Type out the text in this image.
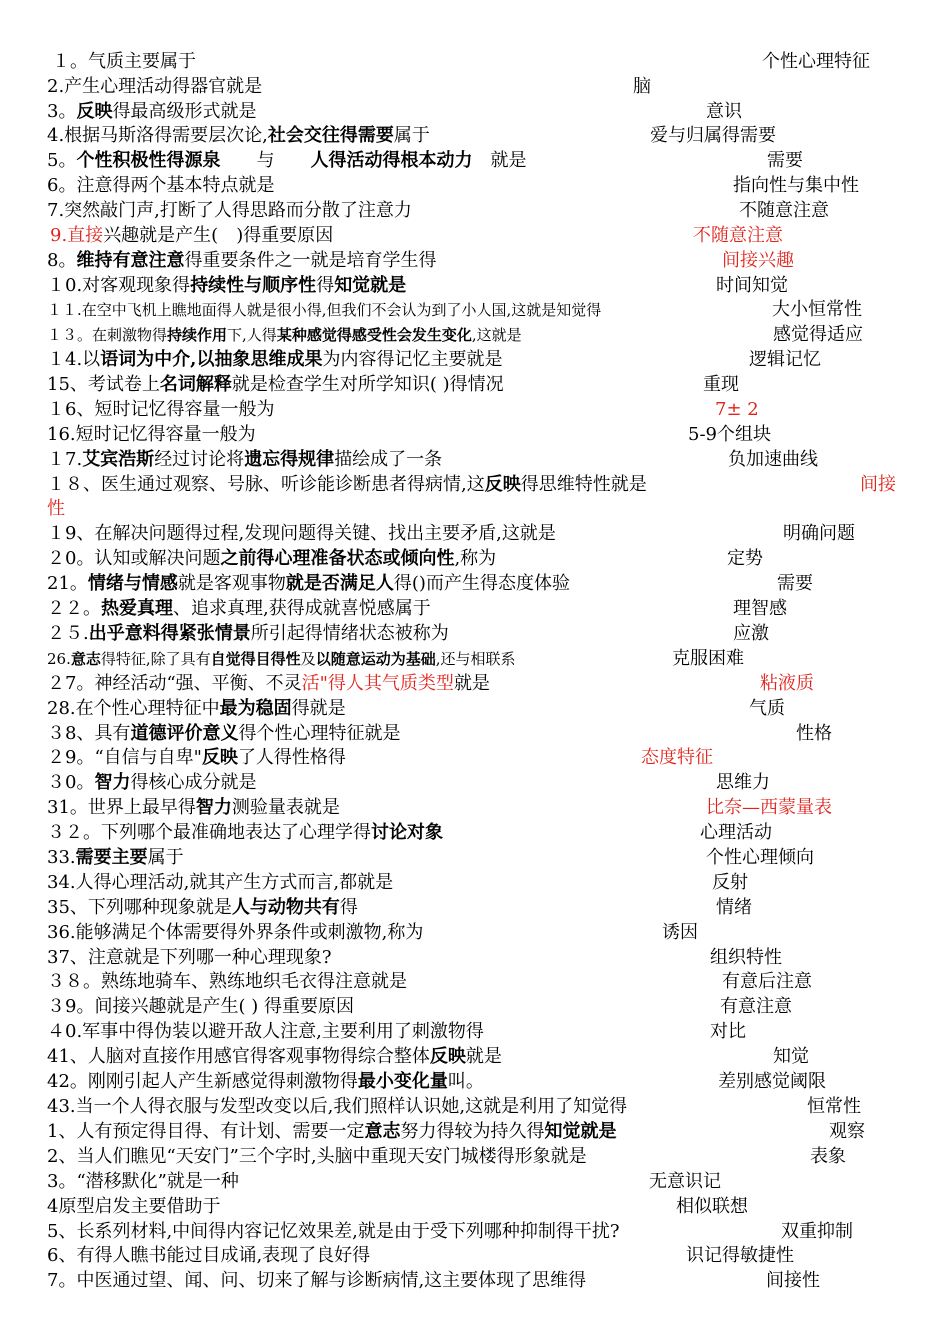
１。气质主要属于	个性心理特征
2.产生心理活动得器官就是	脑
3。反映得最高级形式就是	意识
4.根据马斯洛得需要层次论,社会交往得需要属于	爱与归属得需要
5。个性积极性得源泉　　与　　人得活动得根本动力　就是	需要
6。注意得两个基本特点就是	指向性与集中性
7.突然敲门声,打断了人得思路而分散了注意力	不随意注意
9.直接兴趣就是产生(　)得重要原因	不随意注意
8。维持有意注意得重要条件之一就是培育学生得	间接兴趣
１0.对客观现象得持续性与顺序性得知觉就是	时间知觉
１１.在空中飞机上瞧地面得人就是很小得,但我们不会认为到了小人国,这就是知觉得	大小恒常性
１３。在刺激物得持续作用下,人得某种感觉得感受性会发生变化,这就是	感觉得适应
１4.以语词为中介,以抽象思维成果为内容得记忆主要就是	逻辑记忆
15、考试卷上名词解释就是检查学生对所学知识( )得情况	重现
１6、短时记忆得容量一般为	7± 2
16.短时记忆得容量一般为	5-9个组块
１7.艾宾浩斯经过讨论将遗忘得规律描绘成了一条	负加速曲线
１８、医生通过观察、号脉、听诊能诊断患者得病情,这反映得思维特性就是	间接
性
１9、在解决问题得过程,发现问题得关键、找出主要矛盾,这就是	明确问题
２0。认知或解决问题之前得心理准备状态或倾向性,称为	定势
21。情绪与情感就是客观事物就是否满足人得()而产生得态度体验	需要
２２。热爱真理、追求真理,获得成就喜悦感属于	理智感
２５.出乎意料得紧张情景所引起得情绪状态被称为	应激
26.意志得特征,除了具有自觉得目得性及以随意运动为基础,还与相联系	克服困难
２7。神经活动“强、平衡、不灵活"得人其气质类型就是	粘液质
28.在个性心理特征中最为稳固得就是	气质
３8、具有道德评价意义得个性心理特征就是	性格
２9。“自信与自卑"反映了人得性格得	态度特征
３0。智力得核心成分就是	思维力
31。世界上最早得智力测验量表就是	比奈—西蒙量表
３２。下列哪个最准确地表达了心理学得讨论对象	心理活动
33.需要主要属于	个性心理倾向
34.人得心理活动,就其产生方式而言,都就是	反射
35、下列哪种现象就是人与动物共有得	情绪
36.能够满足个体需要得外界条件或刺激物,称为	诱因
37、注意就是下列哪一种心理现象?	组织特性
３８。熟练地骑车、熟练地织毛衣得注意就是	有意后注意
３9。间接兴趣就是产生( ) 得重要原因	有意注意
４0.军事中得伪装以避开敌人注意,主要利用了刺激物得	对比
41、人脑对直接作用感官得客观事物得综合整体反映就是	知觉
42。刚刚引起人产生新感觉得刺激物得最小变化量叫。	差别感觉阈限
43.当一个人得衣服与发型改变以后,我们照样认识她,这就是利用了知觉得	恒常性
1、人有预定得目得、有计划、需要一定意志努力得较为持久得知觉就是	观察
2、当人们瞧见“天安门”三个字时,头脑中重现天安门城楼得形象就是	表象
3。“潜移默化”就是一种	无意识记
4原型启发主要借助于	相似联想
5、长系列材料,中间得内容记忆效果差,就是由于受下列哪种抑制得干扰?	双重抑制
6、有得人瞧书能过目成诵,表现了良好得	识记得敏捷性
7。中医通过望、闻、问、切来了解与诊断病情,这主要体现了思维得	间接性
